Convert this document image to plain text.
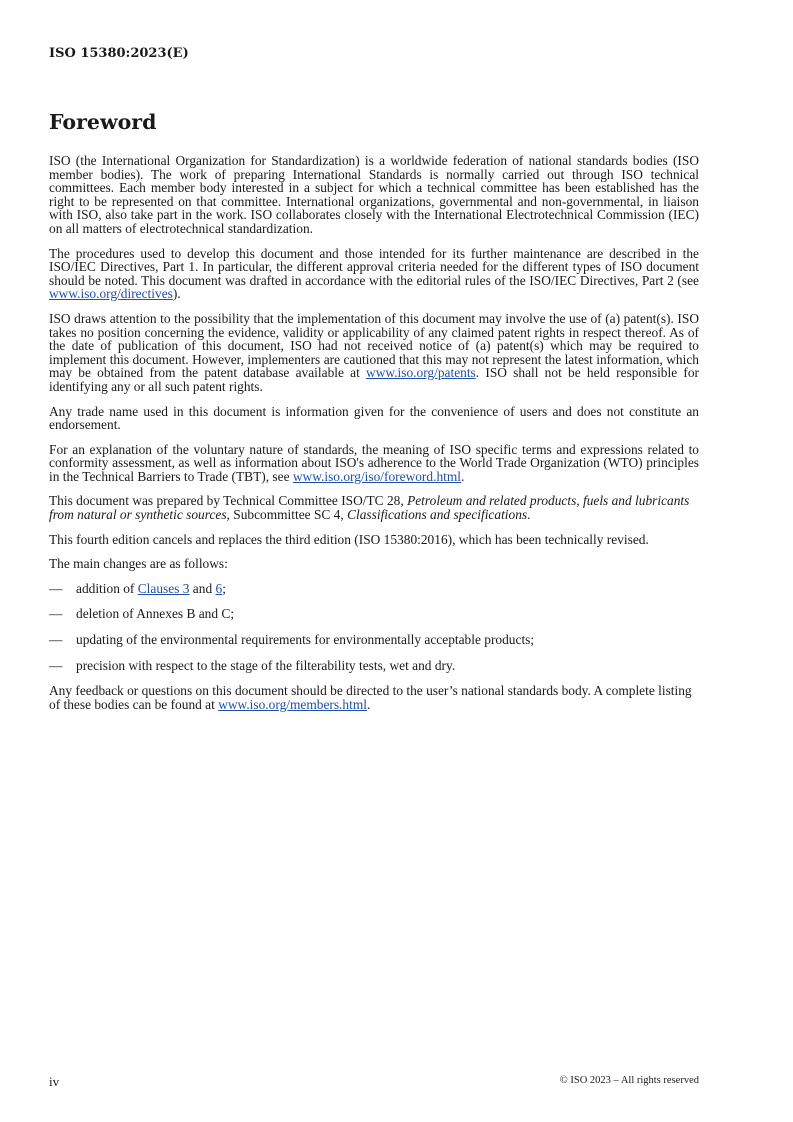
ISO 15380:2023(E)
Foreword

ISO (the International Organization for Standardization) is a worldwide federation of national standards bodies (ISO member bodies). The work of preparing International Standards is normally carried out through ISO technical committees. Each member body interested in a subject for which a technical committee has been established has the right to be represented on that committee. International organizations, governmental and non-governmental, in liaison with ISO, also take part in the work. ISO collaborates closely with the International Electrotechnical Commission (IEC) on all matters of electrotechnical standardization.

The procedures used to develop this document and those intended for its further maintenance are described in the ISO/IEC Directives, Part 1. In particular, the different approval criteria needed for the different types of ISO document should be noted. This document was drafted in accordance with the editorial rules of the ISO/IEC Directives, Part 2 (see www.iso.org/directives).

ISO draws attention to the possibility that the implementation of this document may involve the use of (a) patent(s). ISO takes no position concerning the evidence, validity or applicability of any claimed patent rights in respect thereof. As of the date of publication of this document, ISO had not received notice of (a) patent(s) which may be required to implement this document. However, implementers are cautioned that this may not represent the latest information, which may be obtained from the patent database available at www.iso.org/patents. ISO shall not be held responsible for identifying any or all such patent rights.

Any trade name used in this document is information given for the convenience of users and does not constitute an endorsement.

For an explanation of the voluntary nature of standards, the meaning of ISO specific terms and expressions related to conformity assessment, as well as information about ISO's adherence to the World Trade Organization (WTO) principles in the Technical Barriers to Trade (TBT), see www.iso.org/iso/foreword.html.

This document was prepared by Technical Committee ISO/TC 28, Petroleum and related products, fuels and lubricants from natural or synthetic sources, Subcommittee SC 4, Classifications and specifications.

This fourth edition cancels and replaces the third edition (ISO 15380:2016), which has been technically revised.

The main changes are as follows:

—	addition of Clauses 3 and 6;
—	deletion of Annexes B and C;
—	updating of the environmental requirements for environmentally acceptable products;
—	precision with respect to the stage of the filterability tests, wet and dry.

Any feedback or questions on this document should be directed to the user’s national standards body. A complete listing of these bodies can be found at www.iso.org/members.html.

iv	© ISO 2023 – All rights reserved
